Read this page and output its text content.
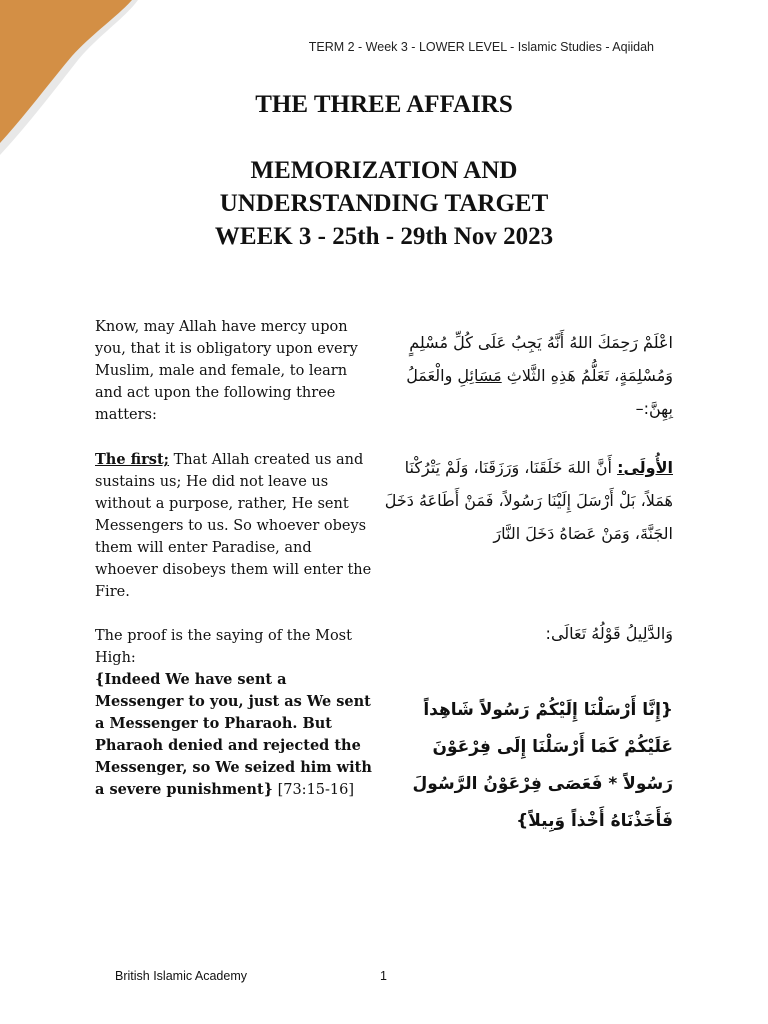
TERM 2 - Week 3 - LOWER LEVEL - Islamic Studies - Aqiidah
THE THREE AFFAIRS
MEMORIZATION AND
UNDERSTANDING TARGET
WEEK 3 - 25th - 29th Nov 2023
Know, may Allah have mercy upon you, that it is obligatory upon every Muslim, male and female, to learn and act upon the following three matters:
The first; That Allah created us and sustains us; He did not leave us without a purpose, rather, He sent Messengers to us. So whoever obeys them will enter Paradise, and whoever disobeys them will enter the Fire.
The proof is the saying of the Most High:
{Indeed We have sent a Messenger to you, just as We sent a Messenger to Pharaoh. But Pharaoh denied and rejected the Messenger, so We seized him with a severe punishment} [73:15-16]
اعْلَمْ رَحِمَكَ اللهُ أَنَّهُ يَجِبُ عَلَى كُلِّ مُسْلِمٍ وَمُسْلِمَةٍ، تَعَلُّمُ هَذِهِ الثَّلاثِ مَسَائِلِ والْعَمَلُ بِهِنَّ:–
الأُولَى: أَنَّ اللهَ خَلَقَنَا، وَرَزَقَنَا، وَلَمْ يَتْرُكْنَا هَمَلاً، بَلْ أَرْسَلَ إِلَيْنَا رَسُولاً، فَمَنْ أَطَاعَهُ دَخَلَ الجَنَّةَ، وَمَنْ عَصَاهُ دَخَلَ النَّارَ
وَالدَّلِيلُ قَوْلُهُ تَعَالَى:
{إِنَّا أَرْسَلْنَا إِلَيْكُمْ رَسُولاً شَاهِداً عَلَيْكُمْ كَمَا أَرْسَلْنَا إِلَى فِرْعَوْنَ رَسُولاً * فَعَصَى فِرْعَوْنُ الرَّسُولَ فَأَخَذْنَاهُ أَخْذاً وَبِيلاً}
British Islamic Academy	1
